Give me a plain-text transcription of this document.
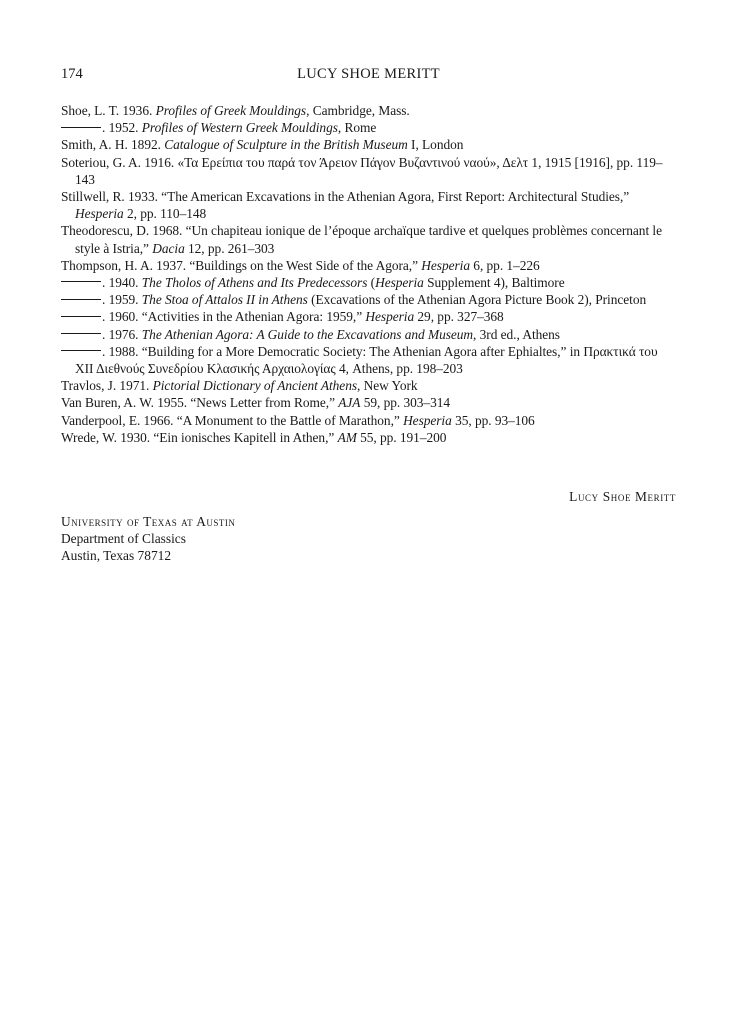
174	LUCY SHOE MERITT
Shoe, L. T. 1936. Profiles of Greek Mouldings, Cambridge, Mass.
. 1952. Profiles of Western Greek Mouldings, Rome
Smith, A. H. 1892. Catalogue of Sculpture in the British Museum I, London
Soteriou, G. A. 1916. «Τα Ερείπια του παρά τον Άρειον Πάγον Βυζαντινού ναού», Δελτ 1, 1915 [1916], pp. 119–143
Stillwell, R. 1933. “The American Excavations in the Athenian Agora, First Report: Architectural Studies,” Hesperia 2, pp. 110–148
Theodorescu, D. 1968. “Un chapiteau ionique de l’époque archaïque tardive et quelques problèmes concernant le style à Istria,” Dacia 12, pp. 261–303
Thompson, H. A. 1937. “Buildings on the West Side of the Agora,” Hesperia 6, pp. 1–226
. 1940. The Tholos of Athens and Its Predecessors (Hesperia Supplement 4), Baltimore
. 1959. The Stoa of Attalos II in Athens (Excavations of the Athenian Agora Picture Book 2), Princeton
. 1960. “Activities in the Athenian Agora: 1959,” Hesperia 29, pp. 327–368
. 1976. The Athenian Agora: A Guide to the Excavations and Museum, 3rd ed., Athens
. 1988. “Building for a More Democratic Society: The Athenian Agora after Ephialtes,” in Πρακτικά του ΧΙΙ Διεθνούς Συνεδρίου Κλασικής Αρχαιολογίας 4, Athens, pp. 198–203
Travlos, J. 1971. Pictorial Dictionary of Ancient Athens, New York
Van Buren, A. W. 1955. “News Letter from Rome,” AJA 59, pp. 303–314
Vanderpool, E. 1966. “A Monument to the Battle of Marathon,” Hesperia 35, pp. 93–106
Wrede, W. 1930. “Ein ionisches Kapitell in Athen,” AM 55, pp. 191–200
Lucy Shoe Meritt
University of Texas at Austin
Department of Classics
Austin, Texas 78712
